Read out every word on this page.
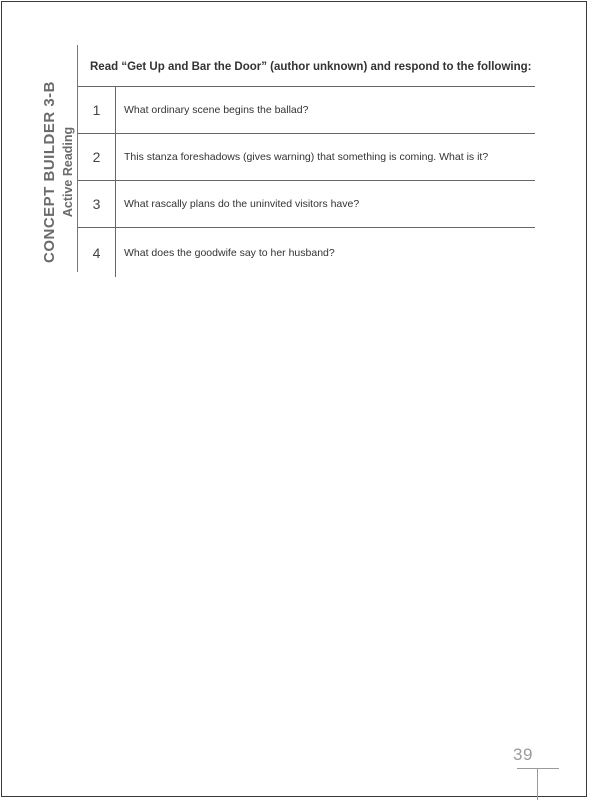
CONCEPT BUILDER 3-B Active Reading
Read “Get Up and Bar the Door” (author unknown) and respond to the following:
1	What ordinary scene begins the ballad?
2	This stanza foreshadows (gives warning) that something is coming. What is it?
3	What rascally plans do the uninvited visitors have?
4	What does the goodwife say to her husband?
39
